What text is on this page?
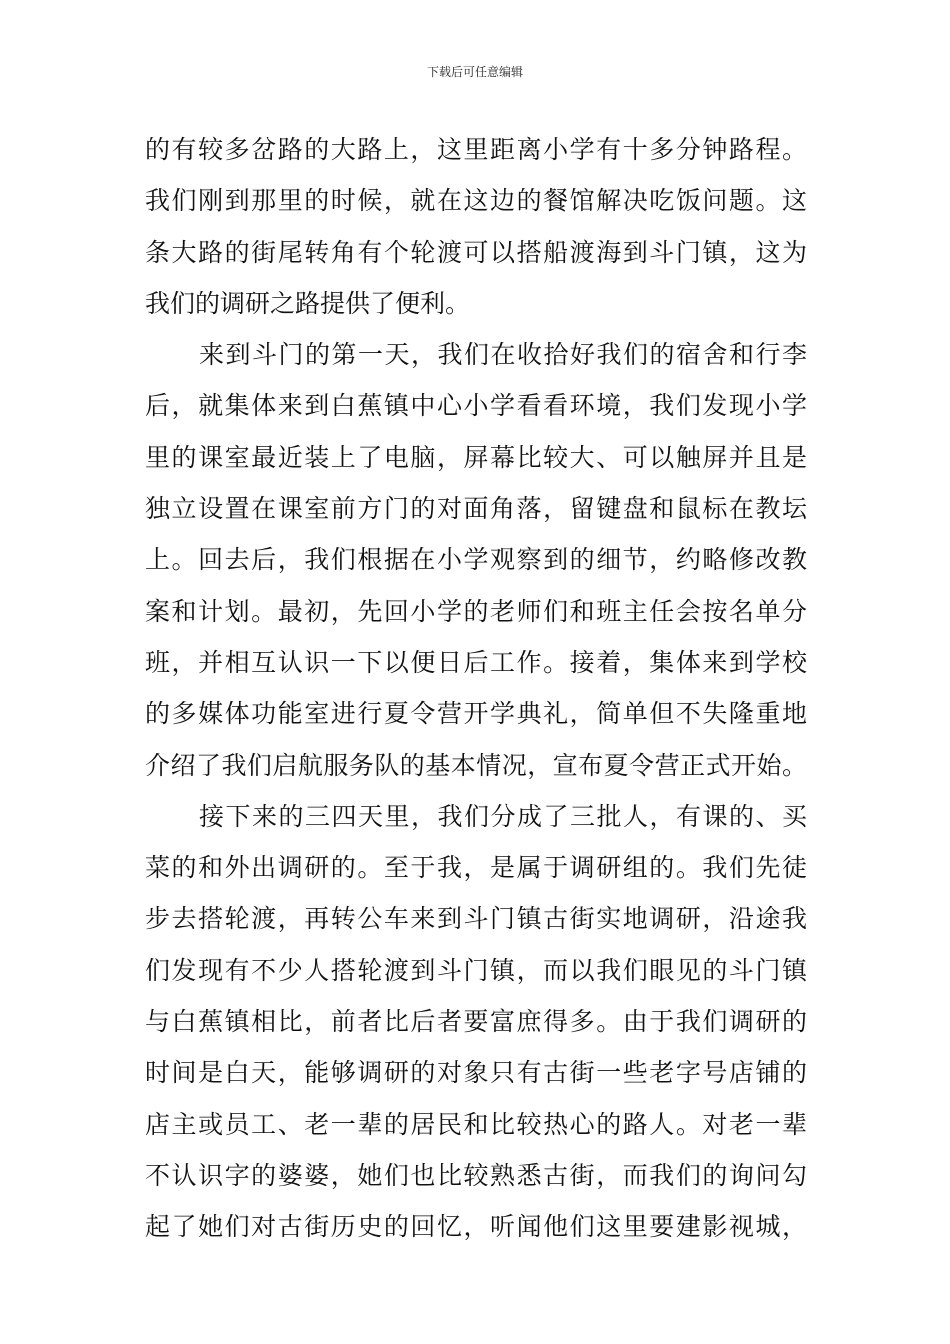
下载后可任意编辑
的有较多岔路的大路上，这里距离小学有十多分钟路程。
我们刚到那里的时候，就在这边的餐馆解决吃饭问题。这
条大路的街尾转角有个轮渡可以搭船渡海到斗门镇，这为
我们的调研之路提供了便利。
来到斗门的第一天，我们在收拾好我们的宿舍和行李
后，就集体来到白蕉镇中心小学看看环境，我们发现小学
里的课室最近装上了电脑，屏幕比较大、可以触屏并且是
独立设置在课室前方门的对面角落，留键盘和鼠标在教坛
上。回去后，我们根据在小学观察到的细节，约略修改教
案和计划。最初，先回小学的老师们和班主任会按名单分
班，并相互认识一下以便日后工作。接着，集体来到学校
的多媒体功能室进行夏令营开学典礼，简单但不失隆重地
介绍了我们启航服务队的基本情况，宣布夏令营正式开始。
接下来的三四天里，我们分成了三批人，有课的、买
菜的和外出调研的。至于我，是属于调研组的。我们先徒
步去搭轮渡，再转公车来到斗门镇古街实地调研，沿途我
们发现有不少人搭轮渡到斗门镇，而以我们眼见的斗门镇
与白蕉镇相比，前者比后者要富庶得多。由于我们调研的
时间是白天，能够调研的对象只有古街一些老字号店铺的
店主或员工、老一辈的居民和比较热心的路人。对老一辈
不认识字的婆婆，她们也比较熟悉古街，而我们的询问勾
起了她们对古街历史的回忆，听闻他们这里要建影视城，
